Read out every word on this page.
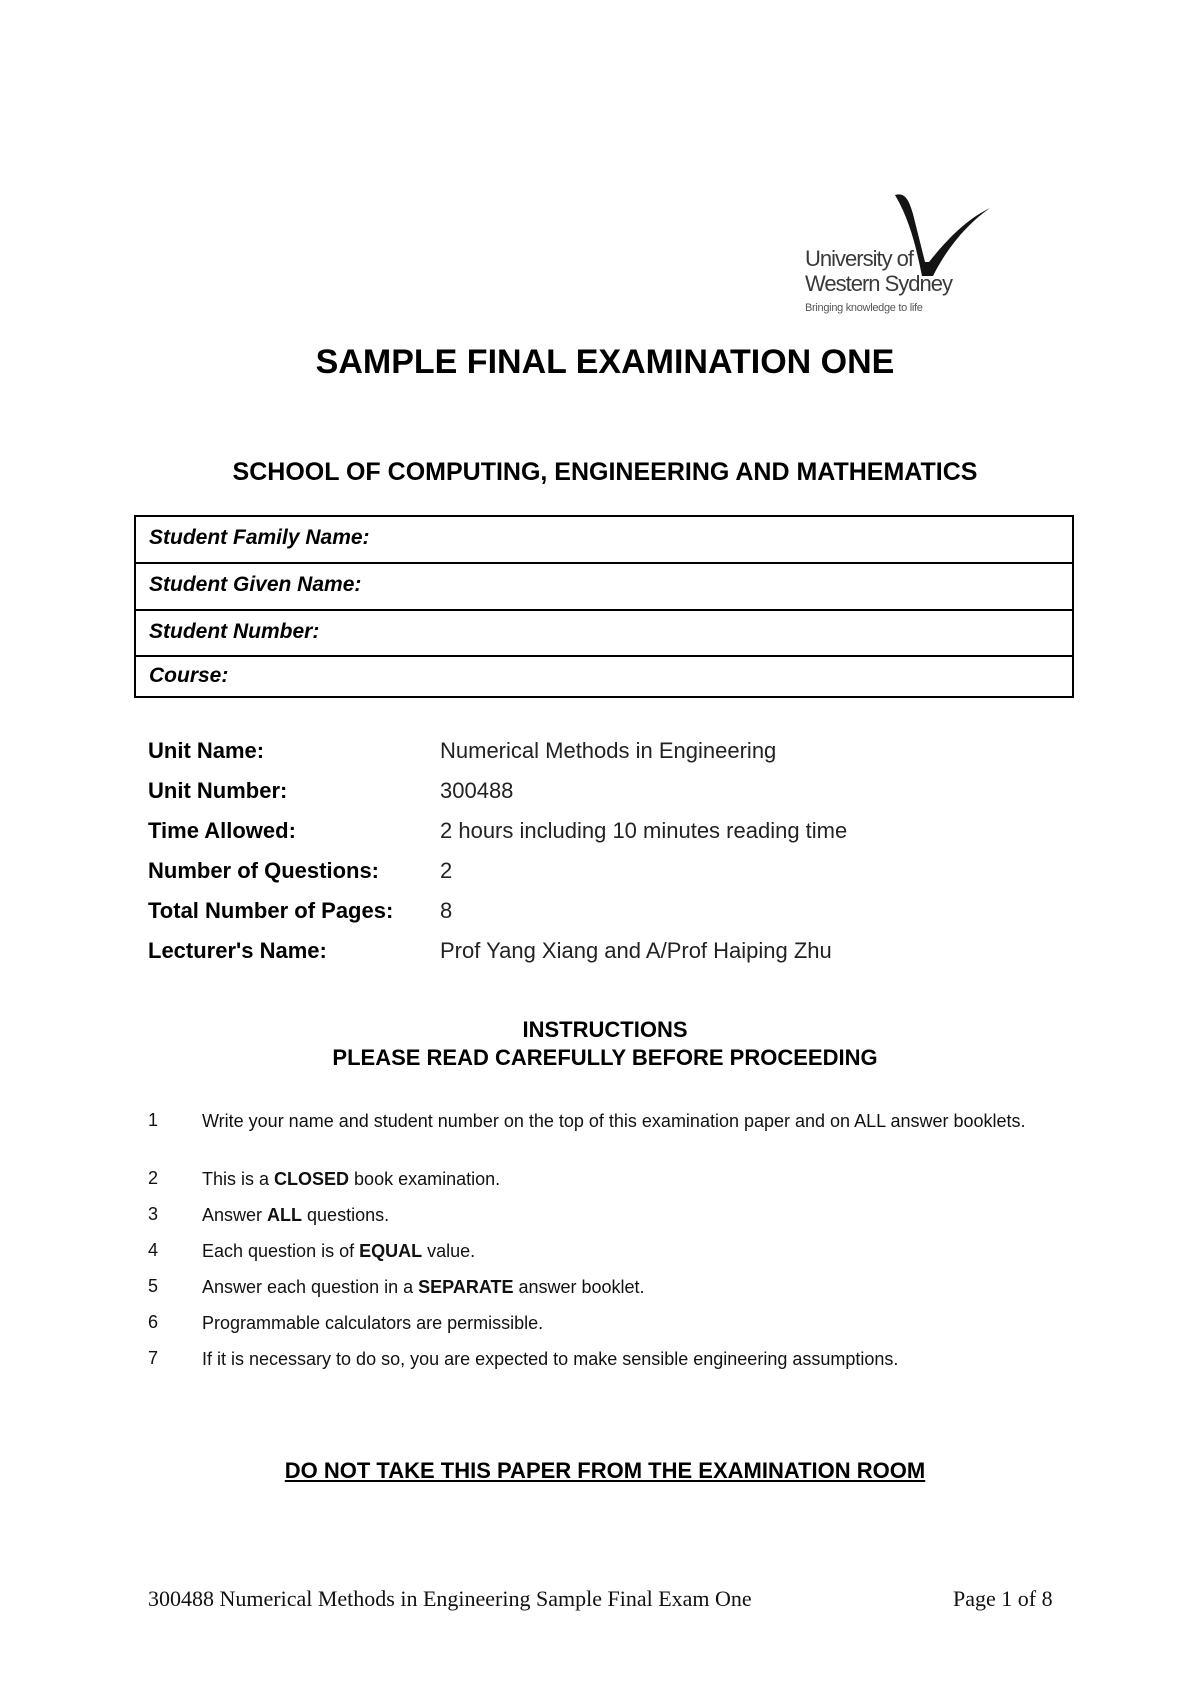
University of
Western Sydney
Bringing knowledge to life
SAMPLE FINAL EXAMINATION ONE
SCHOOL OF COMPUTING, ENGINEERING AND MATHEMATICS
Student Family Name:
Student Given Name:
Student Number:
Course:
Unit Name:	Numerical Methods in Engineering
Unit Number:	300488
Time Allowed:	2 hours including 10 minutes reading time
Number of Questions:	2
Total Number of Pages: 8
Lecturer's Name:	Prof Yang Xiang and A/Prof Haiping Zhu
INSTRUCTIONS
PLEASE READ CAREFULLY BEFORE PROCEEDING
1 Write your name and student number on the top of this examination paper and on ALL answer booklets.
2 This is a CLOSED book examination.
3 Answer ALL questions.
4 Each question is of EQUAL value.
5 Answer each question in a SEPARATE answer booklet.
6 Programmable calculators are permissible.
7 If it is necessary to do so, you are expected to make sensible engineering assumptions.
DO NOT TAKE THIS PAPER FROM THE EXAMINATION ROOM
300488 Numerical Methods in Engineering Sample Final Exam One	Page 1 of 8
